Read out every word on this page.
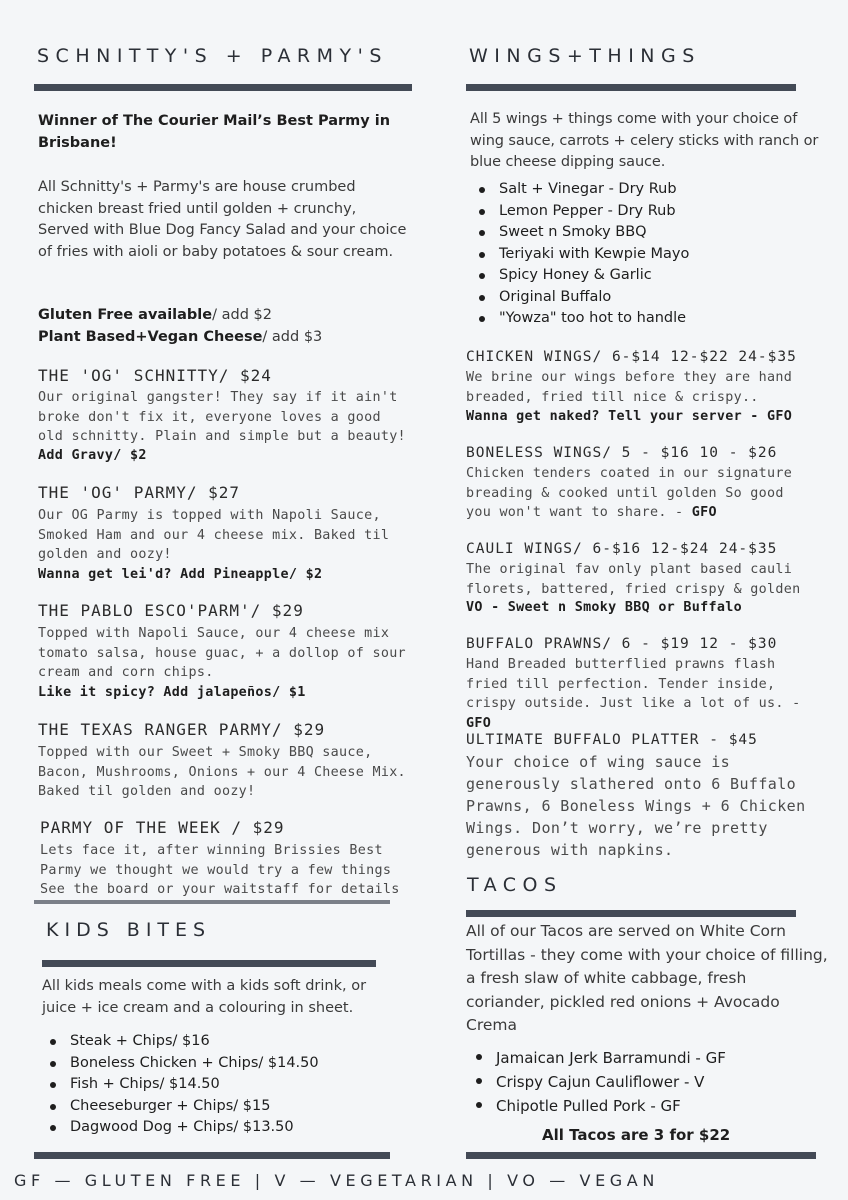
SCHNITTY'S + PARMY'S
Winner of The Courier Mail’s Best Parmy in Brisbane!
All Schnitty's + Parmy's are house crumbed chicken breast fried until golden + crunchy, Served with Blue Dog Fancy Salad and your choice of fries with aioli or baby potatoes & sour cream.
Gluten Free available/ add $2
Plant Based+Vegan Cheese/ add $3
THE 'OG' SCHNITTY/ $24
Our original gangster! They say if it ain't broke don't fix it, everyone loves a good old schnitty. Plain and simple but a beauty!
Add Gravy/ $2
THE 'OG' PARMY/ $27
Our OG Parmy is topped with Napoli Sauce, Smoked Ham and our 4 cheese mix. Baked til golden and oozy!
Wanna get lei'd? Add Pineapple/ $2
THE PABLO ESCO'PARM'/ $29
Topped with Napoli Sauce, our 4 cheese mix tomato salsa, house guac, + a dollop of sour cream and corn chips.
Like it spicy? Add jalapeños/ $1
THE TEXAS RANGER PARMY/ $29
Topped with our Sweet + Smoky BBQ sauce, Bacon, Mushrooms, Onions + our 4 Cheese Mix. Baked til golden and oozy!
PARMY OF THE WEEK / $29
Lets face it, after winning Brissies Best Parmy we thought we would try a few things See the board or your waitstaff for details
KIDS BITES
All kids meals come with a kids soft drink, or juice + ice cream and a colouring in sheet.
Steak + Chips/ $16
Boneless Chicken + Chips/ $14.50
Fish + Chips/ $14.50
Cheeseburger + Chips/ $15
Dagwood Dog + Chips/ $13.50
WINGS+THINGS
All 5 wings + things come with your choice of wing sauce, carrots + celery sticks with ranch or blue cheese dipping sauce.
Salt + Vinegar - Dry Rub
Lemon Pepper - Dry Rub
Sweet n Smoky BBQ
Teriyaki with Kewpie Mayo
Spicy Honey & Garlic
Original Buffalo
"Yowza" too hot to handle
CHICKEN WINGS/ 6-$14 12-$22 24-$35
We brine our wings before they are hand breaded, fried till nice & crispy..
Wanna get naked? Tell your server - GFO
BONELESS WINGS/ 5 - $16 10 - $26
Chicken tenders coated in our signature breading & cooked until golden So good you won't want to share. - GFO
CAULI WINGS/ 6-$16 12-$24 24-$35
The original fav only plant based cauli florets, battered, fried crispy & golden
VO - Sweet n Smoky BBQ or Buffalo
BUFFALO PRAWNS/ 6 - $19 12 - $30
Hand Breaded butterflied prawns flash fried till perfection. Tender inside, crispy outside. Just like a lot of us. - GFO
ULTIMATE BUFFALO PLATTER - $45
Your choice of wing sauce is generously slathered onto 6 Buffalo Prawns, 6 Boneless Wings + 6 Chicken Wings. Don’t worry, we’re pretty generous with napkins.
TACOS
All of our Tacos are served on White Corn Tortillas - they come with your choice of filling, a fresh slaw of white cabbage, fresh coriander, pickled red onions + Avocado Crema
Jamaican Jerk Barramundi - GF
Crispy Cajun Cauliflower - V
Chipotle Pulled Pork - GF
All Tacos are 3 for $22
GF — GLUTEN FREE | V — VEGETARIAN | VO — VEGAN
